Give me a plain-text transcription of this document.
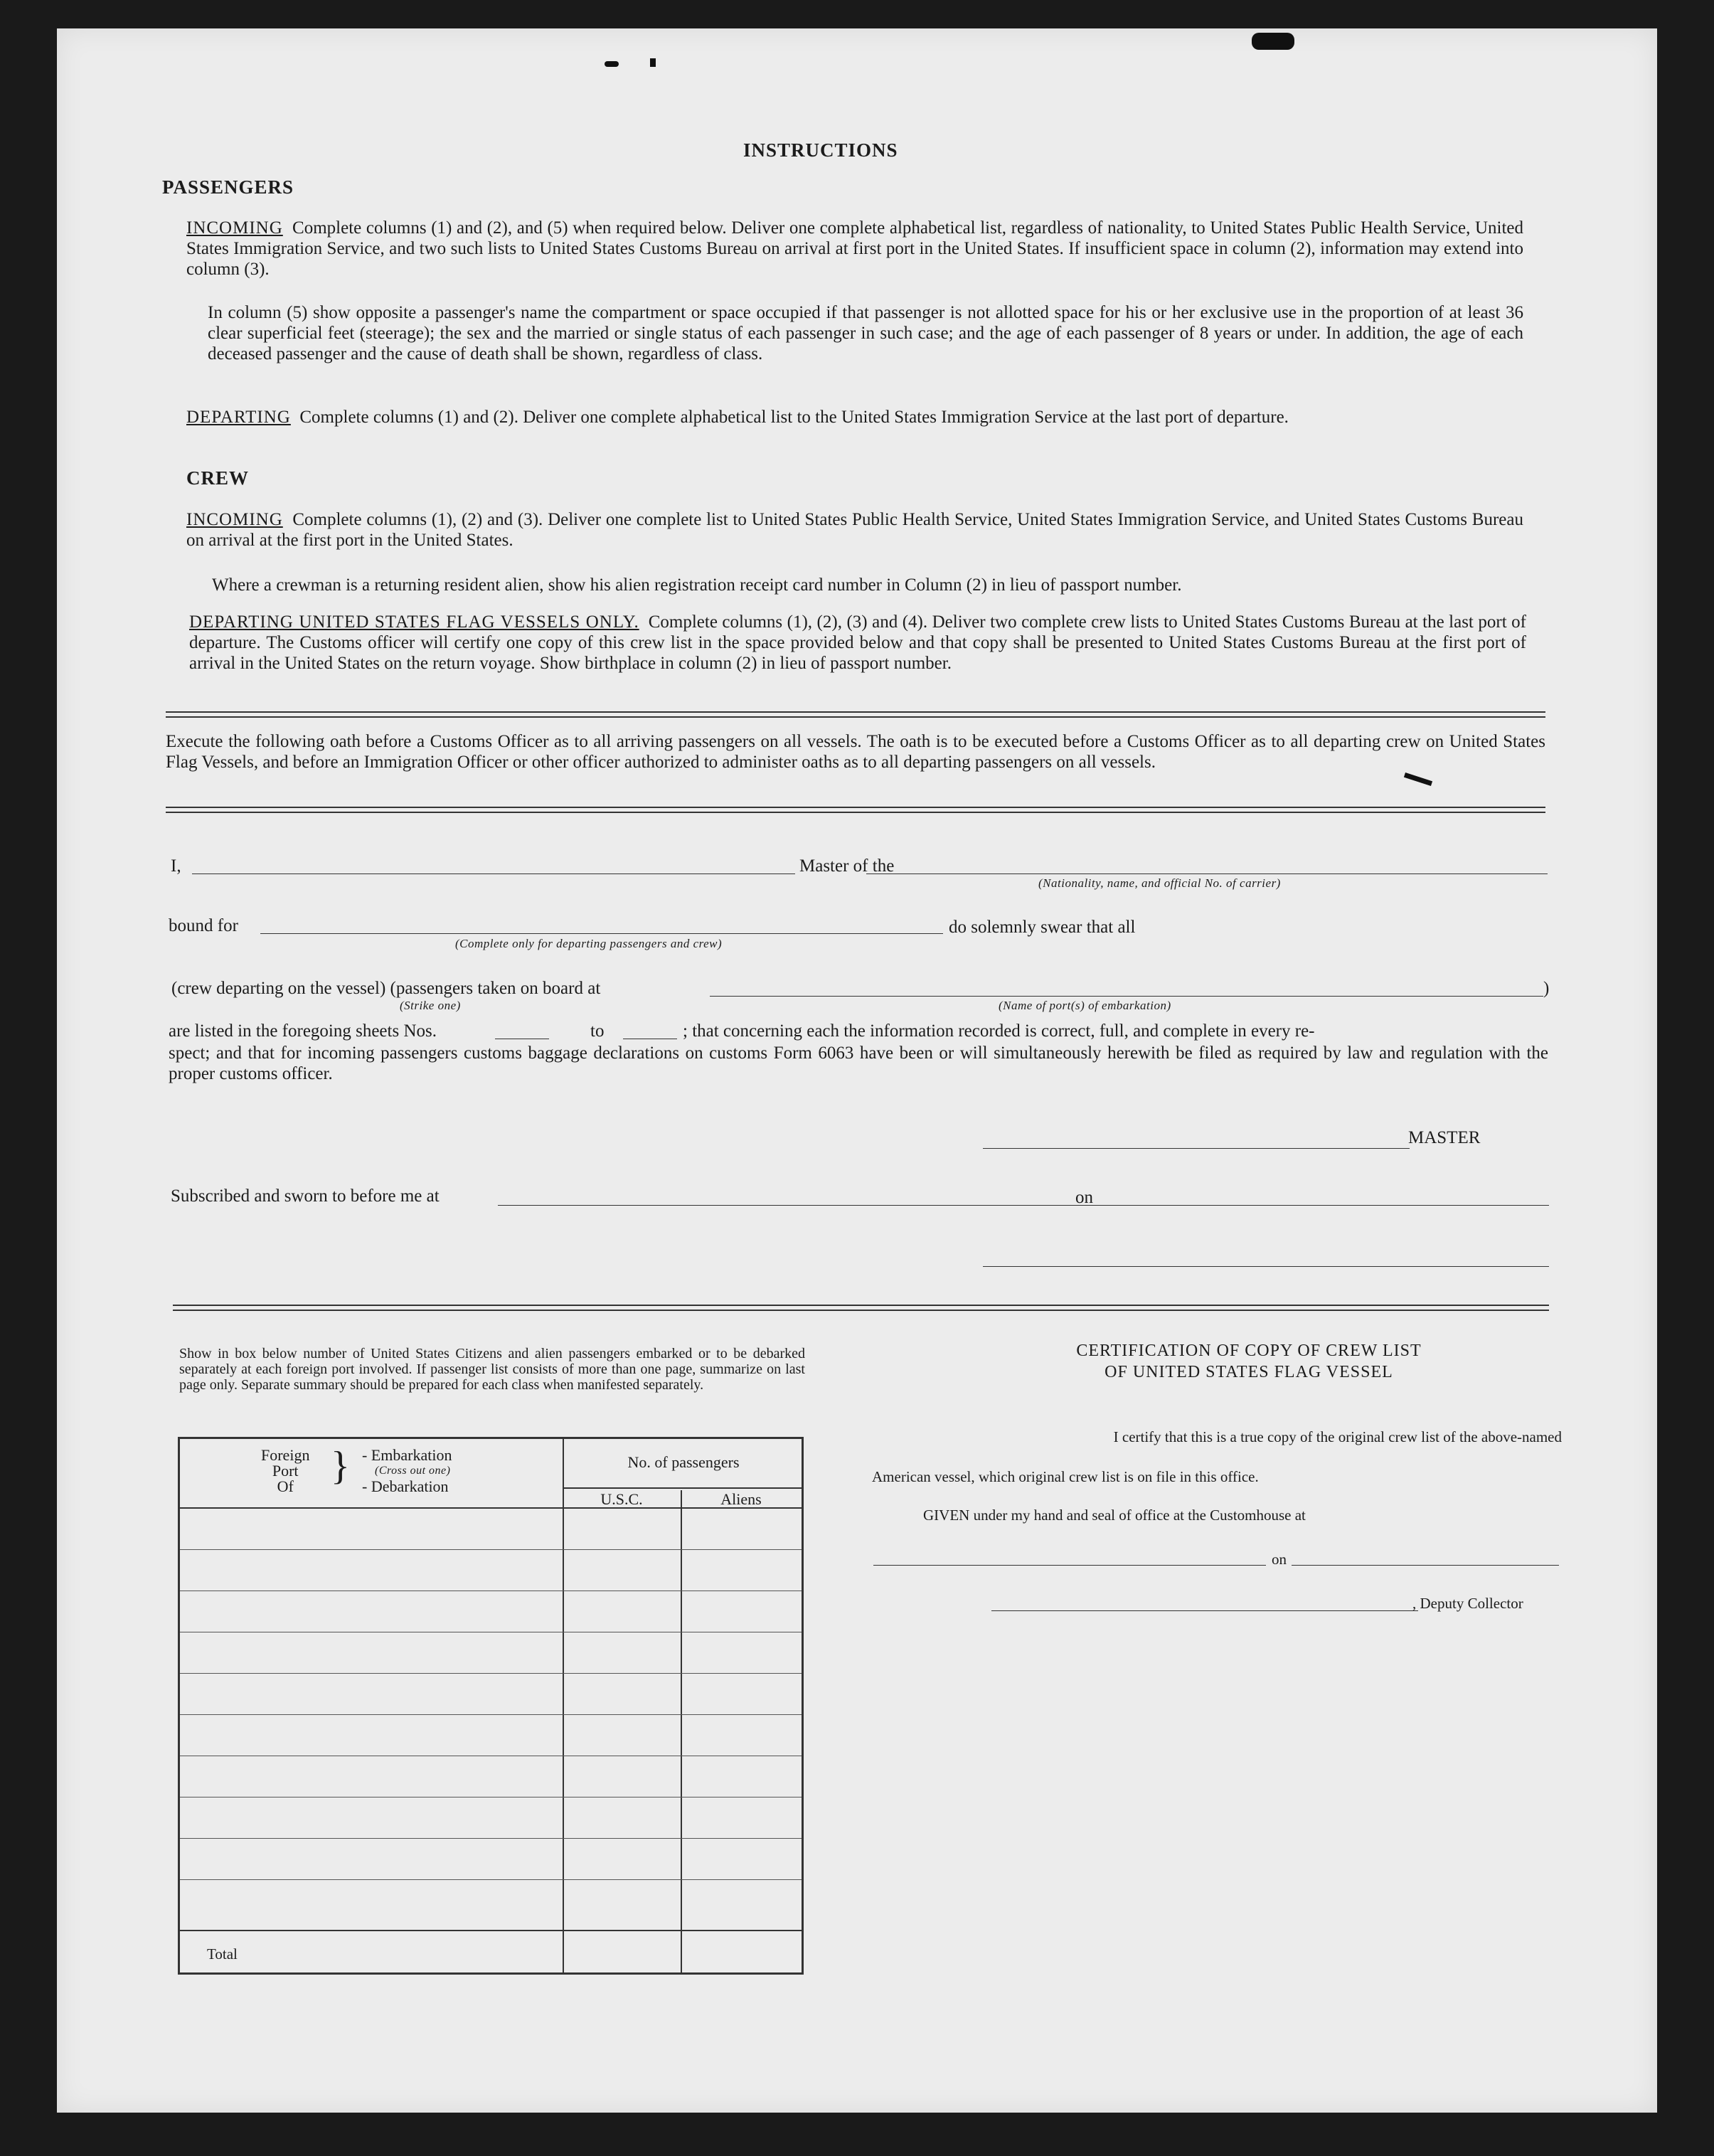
INSTRUCTIONS
PASSENGERS
INCOMING Complete columns (1) and (2), and (5) when required below. Deliver one complete alphabetical list, regardless of nationality, to United States Public Health Service, United States Immigration Service, and two such lists to United States Customs Bureau on arrival at first port in the United States. If insufficient space in column (2), information may extend into column (3).
In column (5) show opposite a passenger's name the compartment or space occupied if that passenger is not allotted space for his or her exclusive use in the proportion of at least 36 clear superficial feet (steerage); the sex and the married or single status of each passenger in such case; and the age of each passenger of 8 years or under. In addition, the age of each deceased passenger and the cause of death shall be shown, regardless of class.
DEPARTING Complete columns (1) and (2). Deliver one complete alphabetical list to the United States Immigration Service at the last port of departure.
CREW
INCOMING Complete columns (1), (2) and (3). Deliver one complete list to United States Public Health Service, United States Immigration Service, and United States Customs Bureau on arrival at the first port in the United States.
Where a crewman is a returning resident alien, show his alien registration receipt card number in Column (2) in lieu of passport number.
DEPARTING UNITED STATES FLAG VESSELS ONLY. Complete columns (1), (2), (3) and (4). Deliver two complete crew lists to United States Customs Bureau at the last port of departure. The Customs officer will certify one copy of this crew list in the space provided below and that copy shall be presented to United States Customs Bureau at the first port of arrival in the United States on the return voyage. Show birthplace in column (2) in lieu of passport number.
Execute the following oath before a Customs Officer as to all arriving passengers on all vessels. The oath is to be executed before a Customs Officer as to all departing crew on United States Flag Vessels, and before an Immigration Officer or other officer authorized to administer oaths as to all departing passengers on all vessels.
I,	Master of the
(Nationality, name, and official No. of carrier)
bound for
(Complete only for departing passengers and crew)
do solemnly swear that all
(crew departing on the vessel) (passengers taken on board at	)
(Strike one)	(Name of port(s) of embarkation)
are listed in the foregoing sheets Nos.	to	; that concerning each the information recorded is correct, full, and complete in every re-
spect; and that for incoming passengers customs baggage declarations on customs Form 6063 have been or will simultaneously herewith be filed as required by law and regulation with the proper customs officer.
MASTER
Subscribed and sworn to before me at	on
Show in box below number of United States Citizens and alien passengers embarked or to be debarked separately at each foreign port involved. If passenger list consists of more than one page, summarize on last page only. Separate summary should be prepared for each class when manifested separately.
Foreign
Port
Of } - Embarkation
(Cross out one)
- Debarkation
No. of passengers
U.S.C.	Aliens
Total
CERTIFICATION OF COPY OF CREW LIST
OF UNITED STATES FLAG VESSEL
I certify that this is a true copy of the original crew list of the above-named
American vessel, which original crew list is on file in this office.
GIVEN under my hand and seal of office at the Customhouse at
on
, Deputy Collector
